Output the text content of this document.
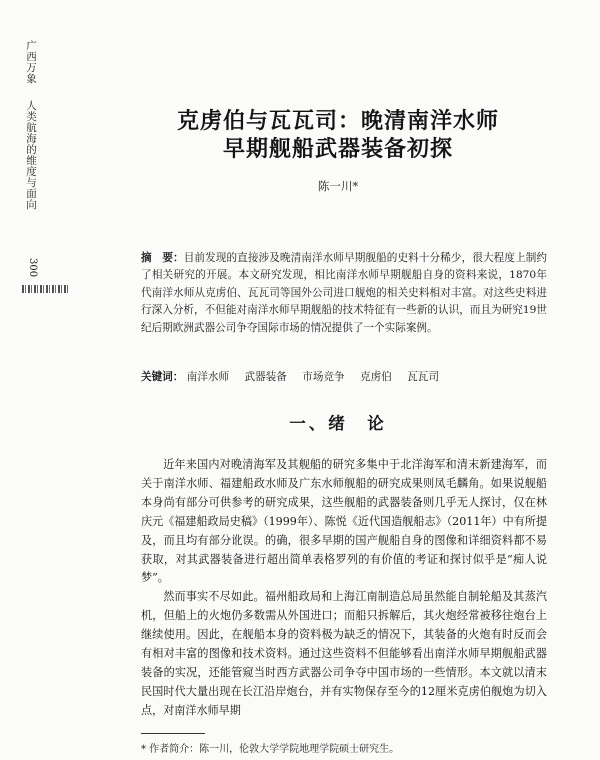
广西万象  人类航海的维度与面向
300
克虏伯与瓦瓦司：晚清南洋水师
早期舰船武器装备初探
陈一川*
摘　要：目前发现的直接涉及晚清南洋水师早期舰船的史料十分稀少，很大程度上制约了相关研究的开展。本文研究发现，相比南洋水师早期舰船自身的资料来说，1870年代南洋水师从克虏伯、瓦瓦司等国外公司进口舰炮的相关史料相对丰富。对这些史料进行深入分析，不但能对南洋水师早期舰船的技术特征有一些新的认识，而且为研究19世纪后期欧洲武器公司争夺国际市场的情况提供了一个实际案例。
关键词： 南洋水师 武器装备 市场竞争 克虏伯 瓦瓦司
一、绪　论

近年来国内对晚清海军及其舰船的研究多集中于北洋海军和清末新建海军，而关于南洋水师、福建船政水师及广东水师舰船的研究成果则凤毛麟角。如果说舰船本身尚有部分可供参考的研究成果，这些舰船的武器装备则几乎无人探讨，仅在林庆元《福建船政局史稿》（1999年）、陈悦《近代国造舰船志》（2011年）中有所提及，而且均有部分讹误。的确，很多早期的国产舰船自身的图像和详细资料都不易获取，对其武器装备进行超出简单表格罗列的有价值的考证和探讨似乎是“痴人说梦”。

然而事实不尽如此。福州船政局和上海江南制造总局虽然能自制轮船及其蒸汽机，但船上的火炮仍多数需从外国进口；而船只拆解后，其火炮经常被移往炮台上继续使用。因此，在舰船本身的资料极为缺乏的情况下，其装备的火炮有时反而会有相对丰富的图像和技术资料。通过这些资料不但能够看出南洋水师早期舰船武器装备的实况，还能管窥当时西方武器公司争夺中国市场的一些情形。本文就以清末民国时代大量出现在长江沿岸炮台，并有实物保存至今的12厘米克虏伯舰炮为切入点，对南洋水师早期

* 作者简介：陈一川，伦敦大学学院地理学院硕士研究生。
